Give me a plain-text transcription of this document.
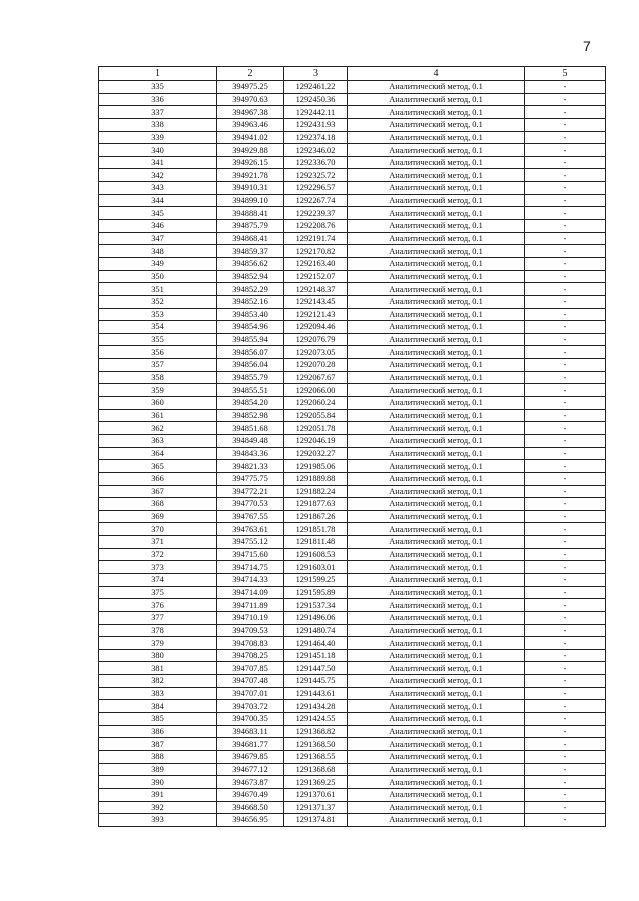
7
1	2	3	4	5
335	394975.25	1292461.22	Аналитический метод, 0.1	-
336	394970.63	1292450.36	Аналитический метод, 0.1	-
337	394967.38	1292442.11	Аналитический метод, 0.1	-
338	394963.46	1292431.93	Аналитический метод, 0.1	-
339	394941.02	1292374.18	Аналитический метод, 0.1	-
340	394929.88	1292346.02	Аналитический метод, 0.1	-
341	394926.15	1292336.70	Аналитический метод, 0.1	-
342	394921.78	1292325.72	Аналитический метод, 0.1	-
343	394910.31	1292296.57	Аналитический метод, 0.1	-
344	394899.10	1292267.74	Аналитический метод, 0.1	-
345	394888.41	1292239.37	Аналитический метод, 0.1	-
346	394875.79	1292208.76	Аналитический метод, 0.1	-
347	394868.41	1292191.74	Аналитический метод, 0.1	-
348	394859.37	1292170.82	Аналитический метод, 0.1	-
349	394856.62	1292163.40	Аналитический метод, 0.1	-
350	394852.94	1292152.07	Аналитический метод, 0.1	-
351	394852.29	1292148.37	Аналитический метод, 0.1	-
352	394852.16	1292143.45	Аналитический метод, 0.1	-
353	394853.40	1292121.43	Аналитический метод, 0.1	-
354	394854.96	1292094.46	Аналитический метод, 0.1	-
355	394855.94	1292076.79	Аналитический метод, 0.1	-
356	394856.07	1292073.05	Аналитический метод, 0.1	-
357	394856.04	1292070.28	Аналитический метод, 0.1	-
358	394855.79	1292067.67	Аналитический метод, 0.1	-
359	394855.51	1292066.00	Аналитический метод, 0.1	-
360	394854.20	1292060.24	Аналитический метод, 0.1	-
361	394852.98	1292055.84	Аналитический метод, 0.1	-
362	394851.68	1292051.78	Аналитический метод, 0.1	-
363	394849.48	1292046.19	Аналитический метод, 0.1	-
364	394843.36	1292032.27	Аналитический метод, 0.1	-
365	394821.33	1291985.06	Аналитический метод, 0.1	-
366	394775.75	1291889.88	Аналитический метод, 0.1	-
367	394772.21	1291882.24	Аналитический метод, 0.1	-
368	394770.53	1291877.63	Аналитический метод, 0.1	-
369	394767.55	1291867.26	Аналитический метод, 0.1	-
370	394763.61	1291851.78	Аналитический метод, 0.1	-
371	394755.12	1291811.48	Аналитический метод, 0.1	-
372	394715.60	1291608.53	Аналитический метод, 0.1	-
373	394714.75	1291603.01	Аналитический метод, 0.1	-
374	394714.33	1291599.25	Аналитический метод, 0.1	-
375	394714.09	1291595.89	Аналитический метод, 0.1	-
376	394711.89	1291537.34	Аналитический метод, 0.1	-
377	394710.19	1291496.06	Аналитический метод, 0.1	-
378	394709.53	1291480.74	Аналитический метод, 0.1	-
379	394708.83	1291464.40	Аналитический метод, 0.1	-
380	394708.25	1291451.18	Аналитический метод, 0.1	-
381	394707.85	1291447.50	Аналитический метод, 0.1	-
382	394707.48	1291445.75	Аналитический метод, 0.1	-
383	394707.01	1291443.61	Аналитический метод, 0.1	-
384	394703.72	1291434.28	Аналитический метод, 0.1	-
385	394700.35	1291424.55	Аналитический метод, 0.1	-
386	394683.11	1291368.82	Аналитический метод, 0.1	-
387	394681.77	1291368.50	Аналитический метод, 0.1	-
388	394679.85	1291368.55	Аналитический метод, 0.1	-
389	394677.12	1291368.68	Аналитический метод, 0.1	-
390	394673.87	1291369.25	Аналитический метод, 0.1	-
391	394670.49	1291370.61	Аналитический метод, 0.1	-
392	394668.50	1291371.37	Аналитический метод, 0.1	-
393	394656.95	1291374.81	Аналитический метод, 0.1	-
